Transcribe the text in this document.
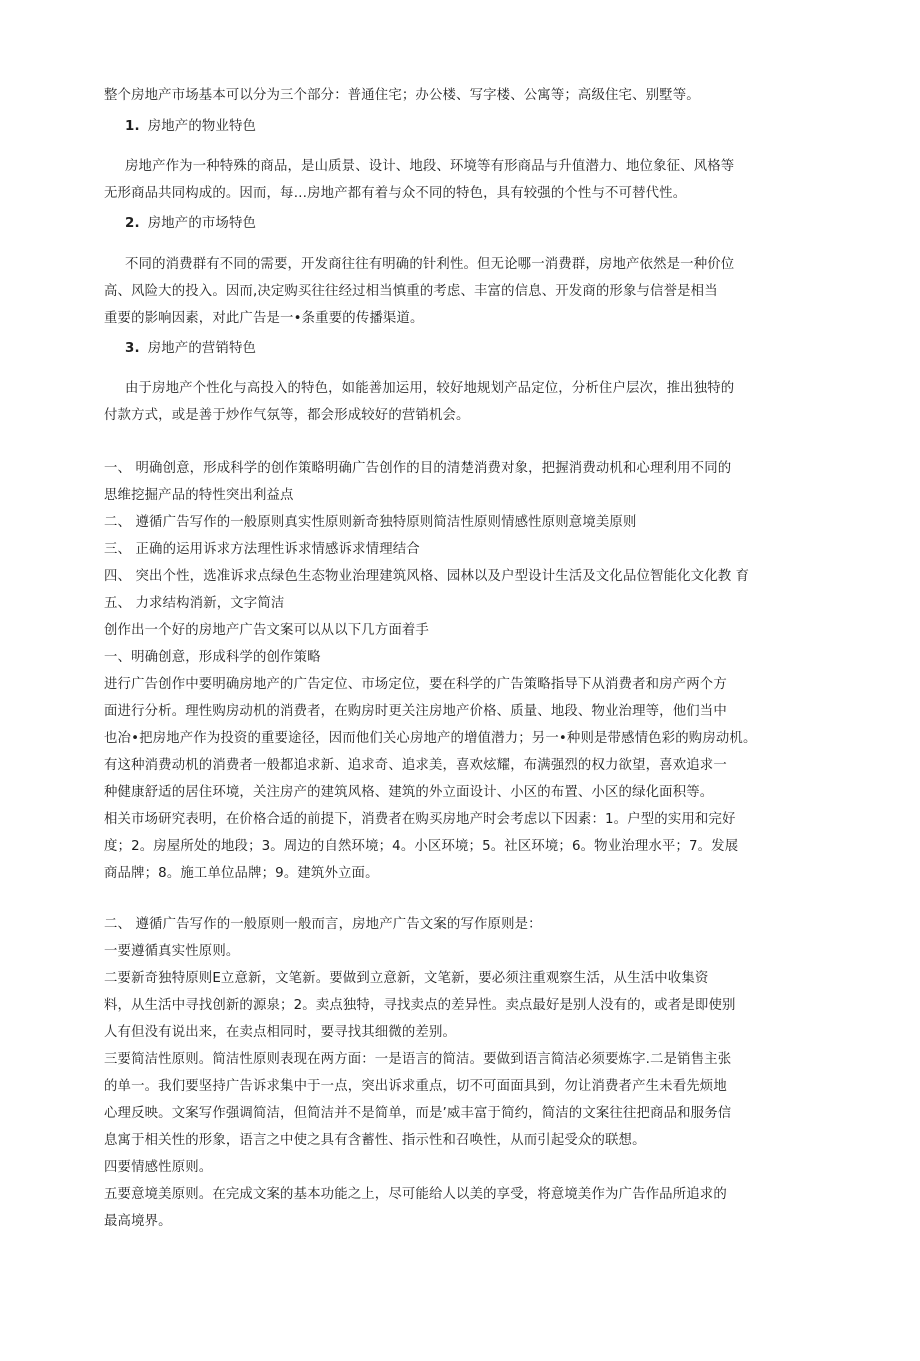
整个房地产市场基本可以分为三个部分：普通住宅；办公楼、写字楼、公寓等；高级住宅、别墅等。
1. 房地产的物业特色
房地产作为一种特殊的商品，是山质景、设计、地段、环境等有形商品与升值潜力、地位象征、风格等
无形商品共同构成的。因而，每…房地产都有着与众不同的特色，具有较强的个性与不可替代性。
2. 房地产的市场特色
不同的消费群有不同的需要，开发商往往有明确的针利性。但无论哪一消费群，房地产依然是一种价位
高、风险大的投入。因而,决定购买往往经过相当慎重的考虑、丰富的信息、开发商的形象与信誉是相当
重要的影响因素，对此广告是一•条重要的传播渠道。
3. 房地产的营销特色
由于房地产个性化与高投入的特色，如能善加运用，较好地规划产品定位，分析住户层次，推出独特的
付款方式，或是善于炒作气氛等，都会形成较好的营销机会。
一、 明确创意，形成科学的创作策略明确广告创作的目的清楚消费对象，把握消费动机和心理利用不同的
思维挖掘产品的特性突出利益点
二、 遵循广告写作的一般原则真实性原则新奇独特原则简洁性原则情感性原则意境美原则
三、 正确的运用诉求方法理性诉求情感诉求情理结合
四、 突出个性，选准诉求点绿色生态物业治理建筑风格、园林以及户型设计生活及文化品位智能化文化教 育
五、 力求结构消新，文字简洁
创作出一个好的房地产广告文案可以从以下几方面着手
一、明确创意，形成科学的创作策略
进行广告创作中要明确房地产的广告定位、市场定位，要在科学的广告策略指导下从消费者和房产两个方
面进行分析。理性购房动机的消费者，在购房时更关注房地产价格、质量、地段、物业治理等，他们当中
也冶•把房地产作为投资的重要途径，因而他们关心房地产的增值潜力；另一•种则是带感情色彩的购房动机。
有这种消费动机的消费者一般都追求新、追求奇、追求美，喜欢炫耀，布满强烈的权力欲望，喜欢追求一
种健康舒适的居住环境，关注房产的建筑风格、建筑的外立面设计、小区的布置、小区的绿化面积等。
相关市场研究表明，在价格合适的前提下，消费者在购买房地产时会考虑以下因素：1。户型的实用和完好
度；2。房屋所处的地段；3。周边的自然环境；4。小区环境；5。社区环境；6。物业治理水平；7。发展
商品牌；8。施工单位品牌；9。建筑外立面。
二、 遵循广告写作的一般原则一般而言，房地产广告文案的写作原则是：
一要遵循真实性原则。
二要新奇独特原则E立意新，文笔新。要做到立意新，文笔新，要必须注重观察生活，从生活中收集资
料，从生活中寻找创新的源泉；2。卖点独特，寻找卖点的差异性。卖点最好是别人没有的，或者是即使别
人有但没有说出来，在卖点相同时，要寻找其细微的差别。
三要简洁性原则。简洁性原则表现在两方面：一是语言的简洁。要做到语言简洁必须要炼字.二是销售主张
的单一。我们要坚持广告诉求集中于一点，突出诉求重点，切不可面面具到，勿让消费者产生未看先烦地
心理反映。文案写作强调简洁，但简洁并不是简单，而是’威丰富于简约，简洁的文案往往把商品和服务信
息寓于相关性的形象，语言之中使之具有含蓄性、指示性和召唤性，从而引起受众的联想。
四要情感性原则。
五要意境美原则。在完成文案的基本功能之上，尽可能给人以美的享受，将意境美作为广告作品所追求的
最高境界。
